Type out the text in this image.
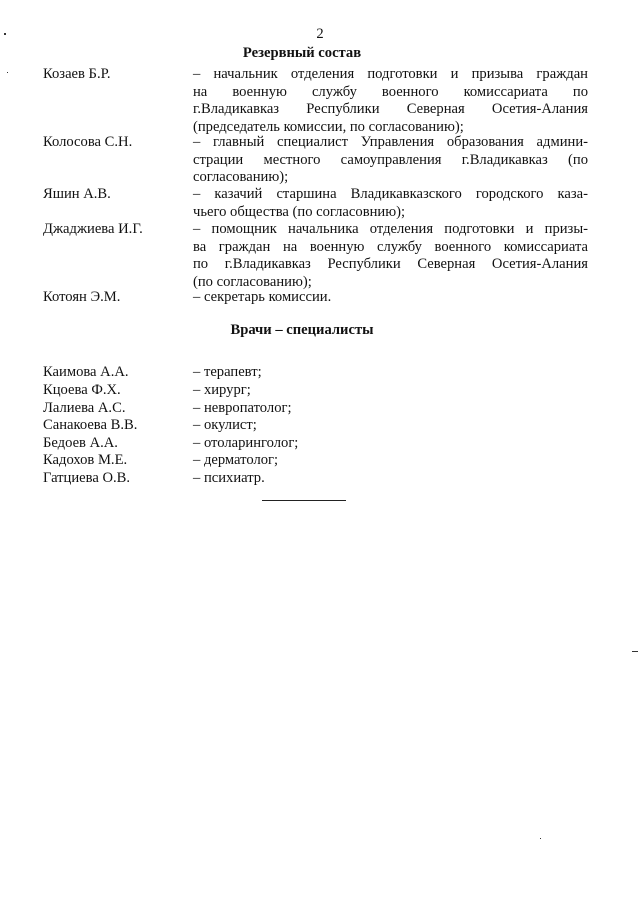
2
Резервный состав
Козаев Б.Р.	– начальник отделения подготовки и призыва граждан
на военную службу военного комиссариата по
г.Владикавказ Республики Северная Осетия-Алания
(председатель комиссии, по согласованию);
Колосова С.Н.	– главный специалист Управления образования админи-
страции местного самоуправления г.Владикавказ (по
согласованию);
Яшин А.В.	– казачий старшина Владикавказского городского каза-
чьего общества (по согласовнию);
Джаджиева И.Г.	– помощник начальника отделения подготовки и призы-
ва граждан на военную службу военного комиссариата
по г.Владикавказ Республики Северная Осетия-Алания
(по согласованию);
Котоян Э.М.	– секретарь комиссии.
Врачи – специалисты
Каимова А.А.	– терапевт;
Кцоева Ф.Х.	– хирург;
Лалиева А.С.	– невропатолог;
Санакоева В.В.	– окулист;
Бедоев А.А.	– отоларинголог;
Кадохов М.Е.	– дерматолог;
Гатциева О.В.	– психиатр.
